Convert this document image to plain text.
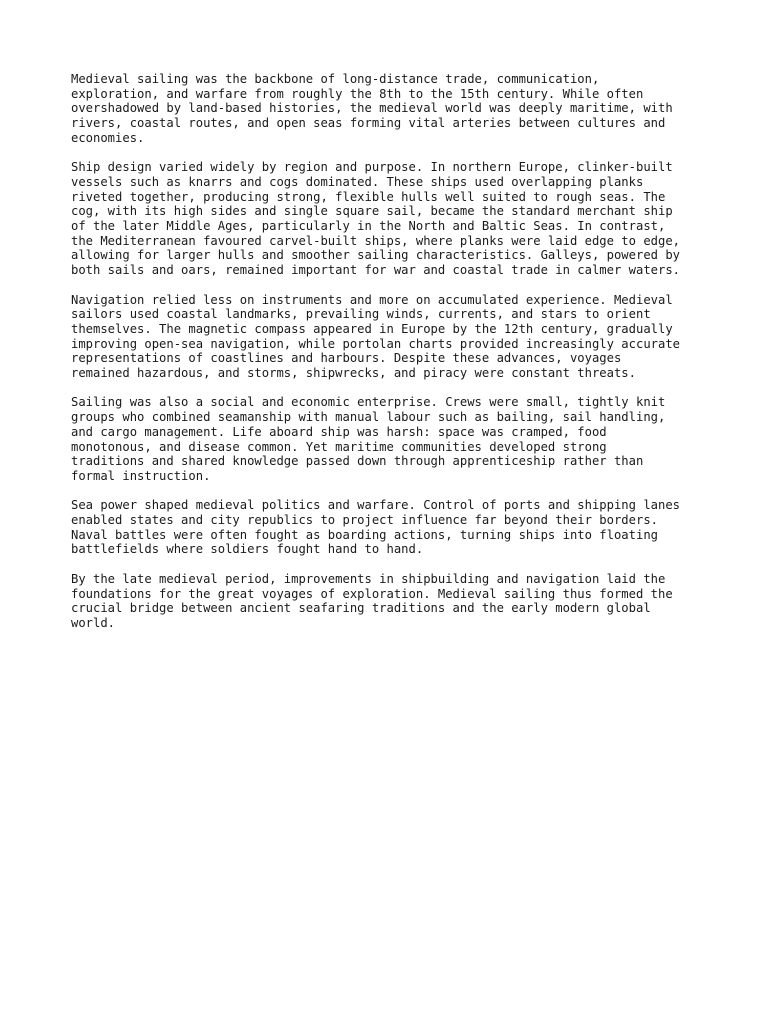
Medieval sailing was the backbone of long-distance trade, communication,
exploration, and warfare from roughly the 8th to the 15th century. While often
overshadowed by land-based histories, the medieval world was deeply maritime, with
rivers, coastal routes, and open seas forming vital arteries between cultures and
economies.

Ship design varied widely by region and purpose. In northern Europe, clinker-built
vessels such as knarrs and cogs dominated. These ships used overlapping planks
riveted together, producing strong, flexible hulls well suited to rough seas. The
cog, with its high sides and single square sail, became the standard merchant ship
of the later Middle Ages, particularly in the North and Baltic Seas. In contrast,
the Mediterranean favoured carvel-built ships, where planks were laid edge to edge,
allowing for larger hulls and smoother sailing characteristics. Galleys, powered by
both sails and oars, remained important for war and coastal trade in calmer waters.

Navigation relied less on instruments and more on accumulated experience. Medieval
sailors used coastal landmarks, prevailing winds, currents, and stars to orient
themselves. The magnetic compass appeared in Europe by the 12th century, gradually
improving open-sea navigation, while portolan charts provided increasingly accurate
representations of coastlines and harbours. Despite these advances, voyages
remained hazardous, and storms, shipwrecks, and piracy were constant threats.

Sailing was also a social and economic enterprise. Crews were small, tightly knit
groups who combined seamanship with manual labour such as bailing, sail handling,
and cargo management. Life aboard ship was harsh: space was cramped, food
monotonous, and disease common. Yet maritime communities developed strong
traditions and shared knowledge passed down through apprenticeship rather than
formal instruction.

Sea power shaped medieval politics and warfare. Control of ports and shipping lanes
enabled states and city republics to project influence far beyond their borders.
Naval battles were often fought as boarding actions, turning ships into floating
battlefields where soldiers fought hand to hand.

By the late medieval period, improvements in shipbuilding and navigation laid the
foundations for the great voyages of exploration. Medieval sailing thus formed the
crucial bridge between ancient seafaring traditions and the early modern global
world.
